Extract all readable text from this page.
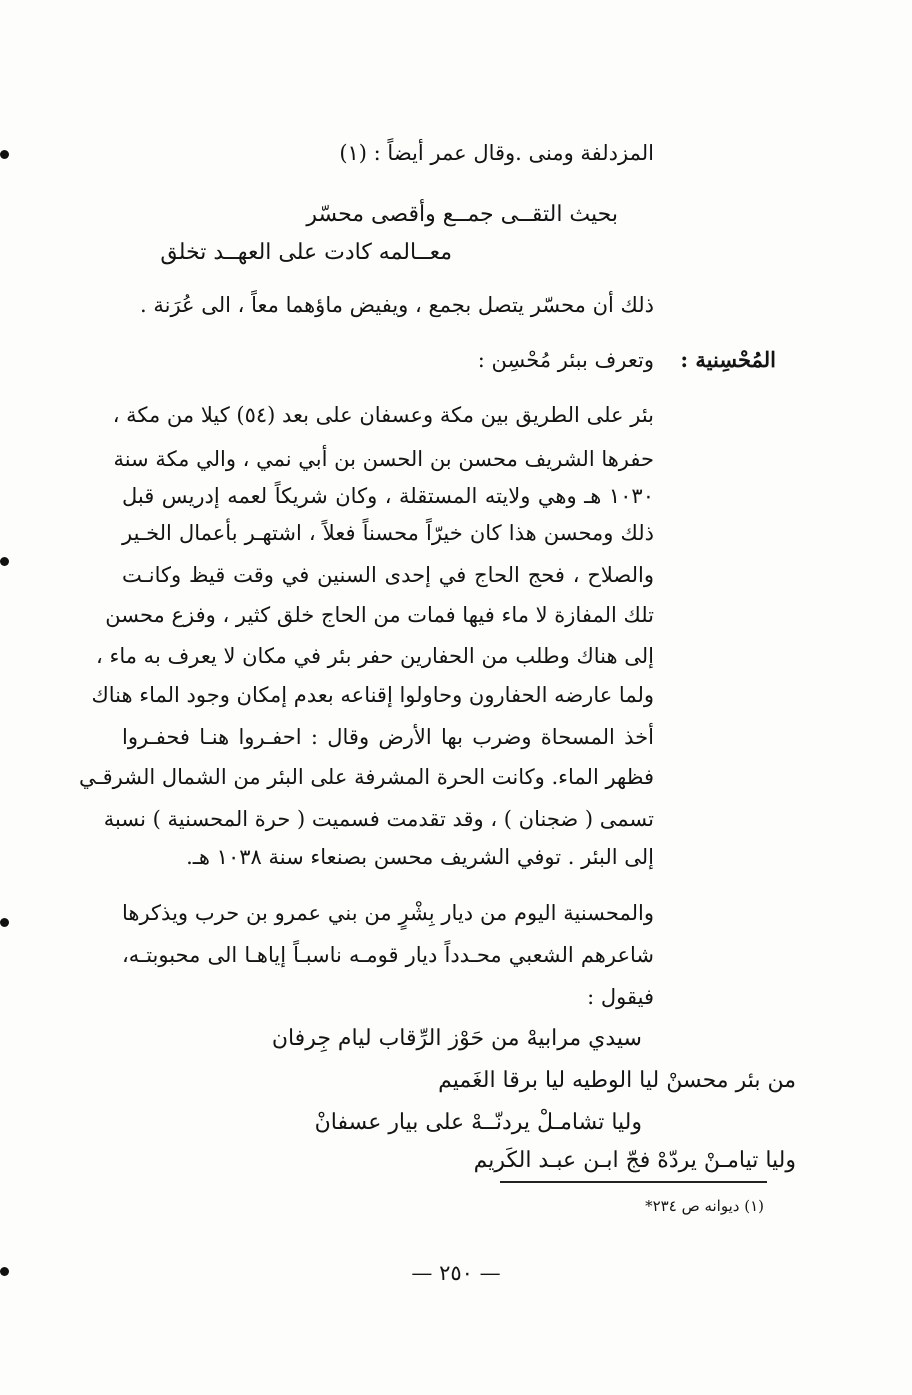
المزدلفة ومنى .وقال عمر أيضاً : (١)
بحيث التقــى جمــع وأقصى محسّر
معــالمه كادت على العهــد تخلق
ذلك أن محسّر يتصل بجمع ، ويفيض ماؤهما معاً ، الى عُرَنة .
المُحْسِنية :
وتعرف ببئر مُحْسِن :
بئر على الطريق بين مكة وعسفان على بعد (٥٤) كيلا من مكة ،
حفرها الشريف محسن بن الحسن بن أبي نمي ، والي مكة سنة
١٠٣٠ هـ وهي ولايته المستقلة ، وكان شريكاً لعمه إدريس قبل
ذلك ومحسن هذا كان خيرّاً محسناً فعلاً ، اشتهـر بأعمال الخـير
والصلاح ، فحج الحاج في إحدى السنين في وقت قيظ وكانـت
تلك المفازة لا ماء فيها فمات من الحاج خلق كثير ، وفزع محسن
إلى هناك وطلب من الحفارين حفر بئر في مكان لا يعرف به ماء ،
ولما عارضه الحفارون وحاولوا إقناعه بعدم إمكان وجود الماء هناك
أخذ المسحاة وضرب بها الأرض وقال : احفـروا هنـا فحفـروا
فظهر الماء. وكانت الحرة المشرفة على البئر من الشمال الشرقـي
تسمى ( ضجنان ) ، وقد تقدمت فسميت ( حرة المحسنية ) نسبة
إلى البئر . توفي الشريف محسن بصنعاء سنة ١٠٣٨ هـ.
والمحسنية اليوم من ديار بِشْرٍ من بني عمرو بن حرب ويذكرها
شاعرهم الشعبي محـدداً ديار قومـه ناسبـاً إياهـا الى محبوبتـه،
فيقول :
سيدي مرابيهْ من حَوْز الرِّقاب ليام جِرفان
من بئر محسنْ ليا الوطيه ليا برقا الغَميم
وليا تشامـلْ يردنّــهْ على بيار عسفانْ
وليا تيامـنْ يردّهْ فجّ ابـن عبـد الكَريم
(١) ديوانه ص ٢٣٤*
— ٢٥٠ —
